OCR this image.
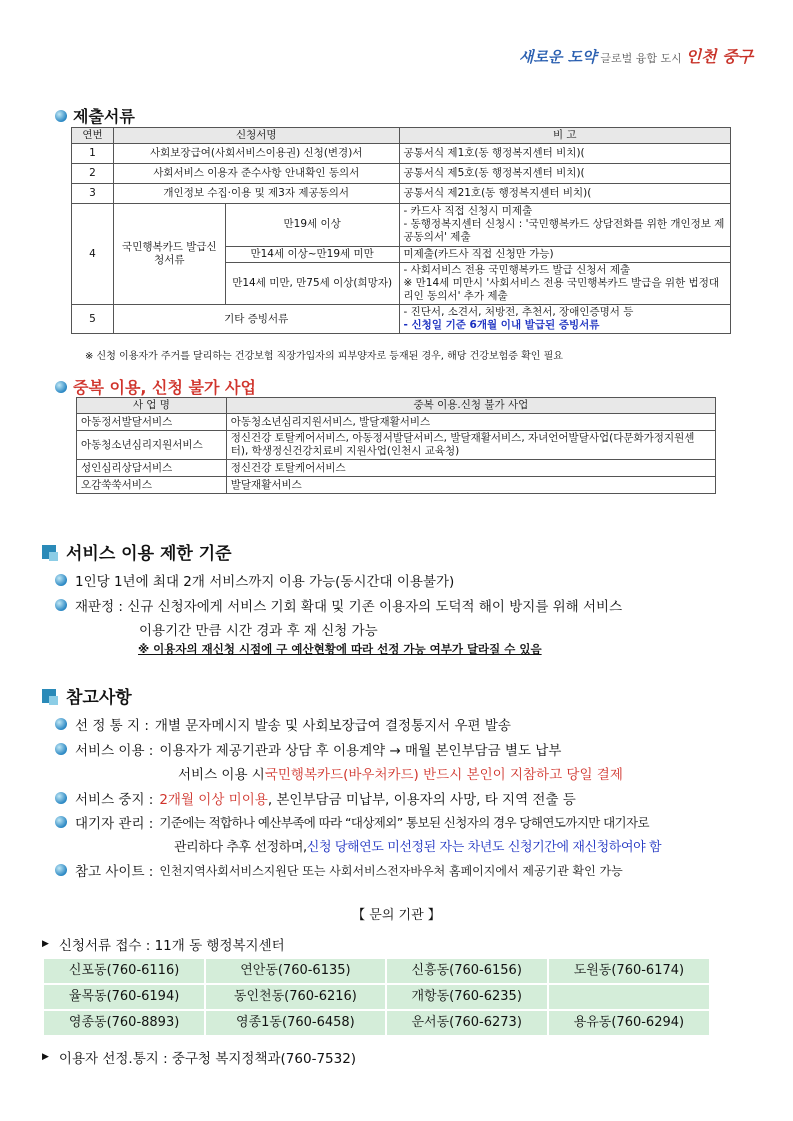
새로운 도약 글로벌 융합 도시 인천 중구
제출서류
연번	신청서명		비 고
1	사회보장급여(사회서비스이용권) 신청(변경)서		공통서식 제1호(동 행정복지센터 비치)(
2	사회서비스 이용자 준수사항 안내확인 동의서		공통서식 제5호(동 행정복지센터 비치)(
3	개인정보 수집·이용 및 제3자 제공동의서		공통서식 제21호(동 행정복지센터 비치)(
4	국민행복카드 발급신청서류	만19세 이상	- 카드사 직접 신청시 미제출
- 동행정복지센터 신청시 : '국민행복카드 상담전화를 위한 개인정보 제공동의서' 제출

		만14세 이상~만19세 미만	미제출(카드사 직접 신청만 가능)
		만14세 미만, 만75세 이상(희망자)	- 사회서비스 전용 국민행복카드 발급 신청서 제출
※ 만14세 미만시 '사회서비스 전용 국민행복카드 발급을 위한 법정대리인 동의서' 추가 제출

5	기타 증빙서류		- 진단서, 소견서, 처방전, 추천서, 장애인증명서 등
- 신청일 기준 6개월 이내 발급된 증빙서류
※ 신청 이용자가 주거를 달리하는 건강보험 직장가입자의 피부양자로 등재된 경우, 해당 건강보험증 확인 필요
중복 이용, 신청 불가 사업
사 업 명	중복 이용.신청 불가 사업
아동정서발달서비스	아동청소년심리지원서비스, 발달재활서비스
아동청소년심리지원서비스	정신건강 토탈케어서비스, 아동정서발달서비스, 발달재활서비스, 자녀언어발달사업(다문화가정지원센터), 학생정신건강치료비 지원사업(인천시 교육청)
성인심리상담서비스	정신건강 토탈케어서비스
오감쑥쑥서비스	발달재활서비스
서비스 이용 제한 기준
1인당 1년에 최대 2개 서비스까지 이용 가능(동시간대 이용불가)
재판정 : 신규 신청자에게 서비스 기회 확대 및 기존 이용자의 도덕적 해이 방지를 위해 서비스
이용기간 만큼 시간 경과 후 재 신청 가능
※ 이용자의 재신청 시점에 구 예산현황에 따라 선정 가능 여부가 달라질 수 있음
참고사항
선 정 통 지 : 개별 문자메시지 발송 및 사회보장급여 결정통지서 우편 발송
서비스 이용 : 이용자가 제공기관과 상담 후 이용계약 → 매월 본인부담금 별도 납부
서비스 이용 시 국민행복카드(바우처카드) 반드시 본인이 지참하고 당일 결제
서비스 중지 : 2개월 이상 미이용 , 본인부담금 미납부, 이용자의 사망, 타 지역 전출 등
대기자 관리 : 기준에는 적합하나 예산부족에 따라 “대상제외” 통보된 신청자의 경우 당해연도까지만 대기자로
관리하다 추후 선정하며, 신청 당해연도 미선정된 자는 차년도 신청기간에 재신청하여야 함
참고 사이트 : 인천지역사회서비스지원단 또는 사회서비스전자바우처 홈페이지에서 제공기관 확인 가능
【 문의 기관 】
▶ 신청서류 접수 : 11개 동 행정복지센터
신포동(760-6116)	연안동(760-6135)	신흥동(760-6156)	도원동(760-6174)
율목동(760-6194)	동인천동(760-6216)	개항동(760-6235)	
영종동(760-8893)	영종1동(760-6458)	운서동(760-6273)	용유동(760-6294)
▶ 이용자 선정.통지 : 중구청 복지정책과(760-7532)
